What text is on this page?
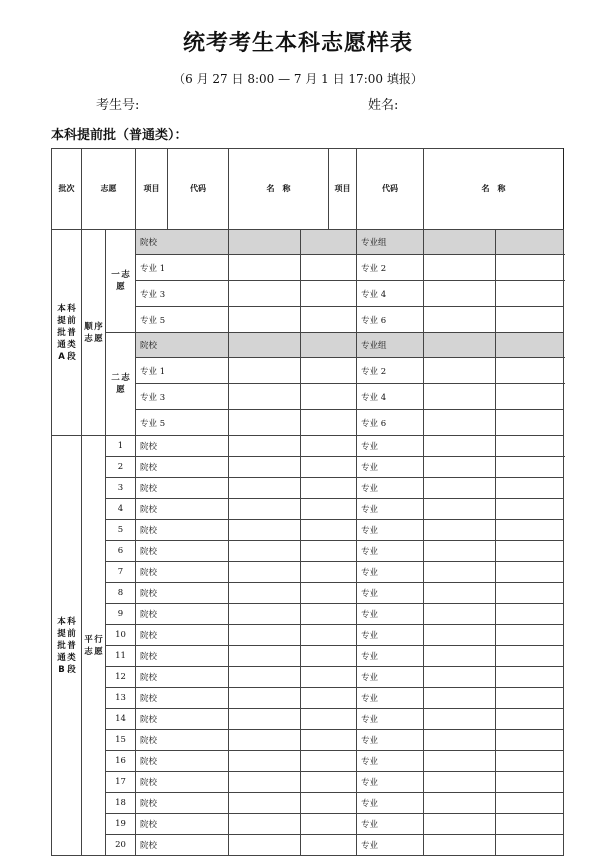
统考考生本科志愿样表
（6 月 27 日 8:00 — 7 月 1 日 17:00 填报）
考生号:	姓名:
本科提前批（普通类）：
批次	志愿		项目	代码	名　称		项目	代码	名　称	
本科提前批普通类A 段	顺序志愿	一志愿	院校					专业组			
			专业 1					专业 2			

			专业 3					专业 4			
			专业 5					专业 6			
		二志愿	院校					专业组			
			专业 1					专业 2			

			专业 3					专业 4			
			专业 5					专业 6			
本科提前批普通类B 段	平行志愿	1	院校					专业			
		2	院校					专业			
		3	院校					专业			
		4	院校					专业			
		5	院校					专业			
		6	院校					专业			
		7	院校					专业			
		8	院校					专业			
		9	院校					专业			
		10	院校					专业			
		11	院校					专业			
		12	院校					专业			
		13	院校					专业			
		14	院校					专业			
		15	院校					专业			
		16	院校					专业			
		17	院校					专业			
		18	院校					专业			
		19	院校					专业			
		20	院校					专业			
